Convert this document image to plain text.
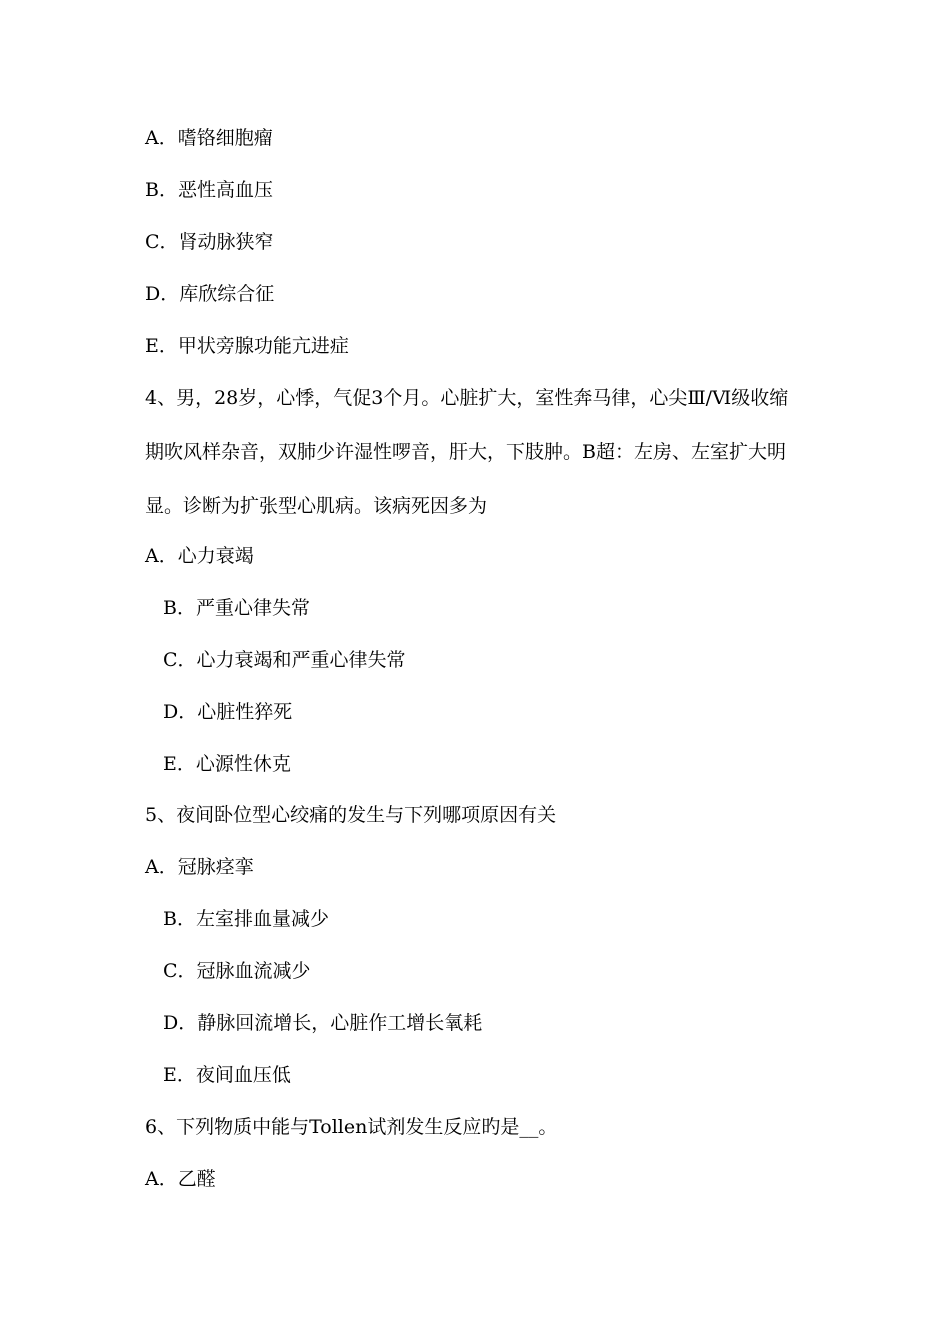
A．嗜铬细胞瘤
B．恶性高血压
C．肾动脉狭窄
D．库欣综合征
E．甲状旁腺功能亢进症
4、男，28岁，心悸，气促3个月。心脏扩大，室性奔马律，心尖Ⅲ/Ⅵ级收缩
期吹风样杂音，双肺少许湿性啰音，肝大，下肢肿。B超：左房、左室扩大明
显。诊断为扩张型心肌病。该病死因多为
A．心力衰竭
B．严重心律失常
C．心力衰竭和严重心律失常
D．心脏性猝死
E．心源性休克
5、夜间卧位型心绞痛的发生与下列哪项原因有关
A．冠脉痉挛
B．左室排血量减少
C．冠脉血流减少
D．静脉回流增长，心脏作工增长氧耗
E．夜间血压低
6、下列物质中能与Tollen试剂发生反应旳是__。
A．乙醛
